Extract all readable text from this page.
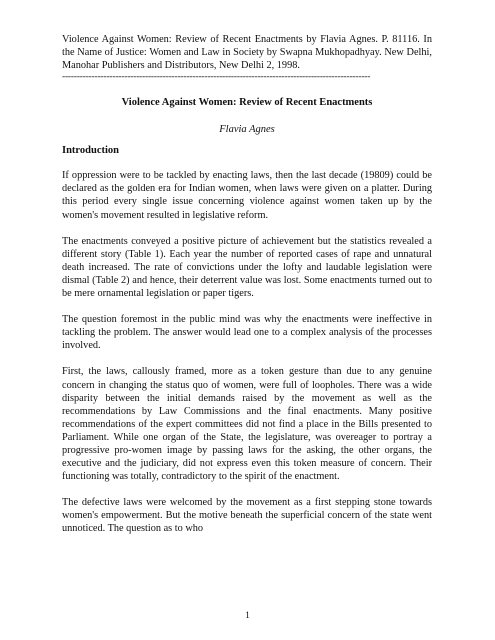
Violence Against Women: Review of Recent Enactments by Flavia Agnes. P. 81116. In the Name of Justice: Women and Law in Society by Swapna Mukhopadhyay. New Delhi, Manohar Publishers and Distributors, New Delhi 2, 1998.

--------------------------------------------------------------------------------------------------------

Violence Against Women: Review of Recent Enactments

Flavia Agnes

Introduction

If oppression were to be tackled by enacting laws, then the last decade (19809) could be declared as the golden era for Indian women, when laws were given on a platter. During this period every single issue concerning violence against women taken up by the women's movement resulted in legislative reform.

The enactments conveyed a positive picture of achievement but the statistics revealed a different story (Table 1). Each year the number of reported cases of rape and unnatural death increased. The rate of convictions under the lofty and laudable legislation were dismal (Table 2) and hence, their deterrent value was lost. Some enactments turned out to be mere ornamental legislation or paper tigers.

The question foremost in the public mind was why the enactments were ineffective in tackling the problem. The answer would lead one to a complex analysis of the processes involved.

First, the laws, callously framed, more as a token gesture than due to any genuine concern in changing the status quo of women, were full of loopholes. There was a wide disparity between the initial demands raised by the movement as well as the recommendations by Law Commissions and the final enactments. Many positive recommendations of the expert committees did not find a place in the Bills presented to Parliament. While one organ of the State, the legislature, was overeager to portray a progressive pro-women image by passing laws for the asking, the other organs, the executive and the judiciary, did not express even this token measure of concern. Their functioning was totally, contradictory to the spirit of the enactment.

The defective laws were welcomed by the movement as a first stepping stone towards women's empowerment. But the motive beneath the superficial concern of the state went unnoticed. The question as to who

1
